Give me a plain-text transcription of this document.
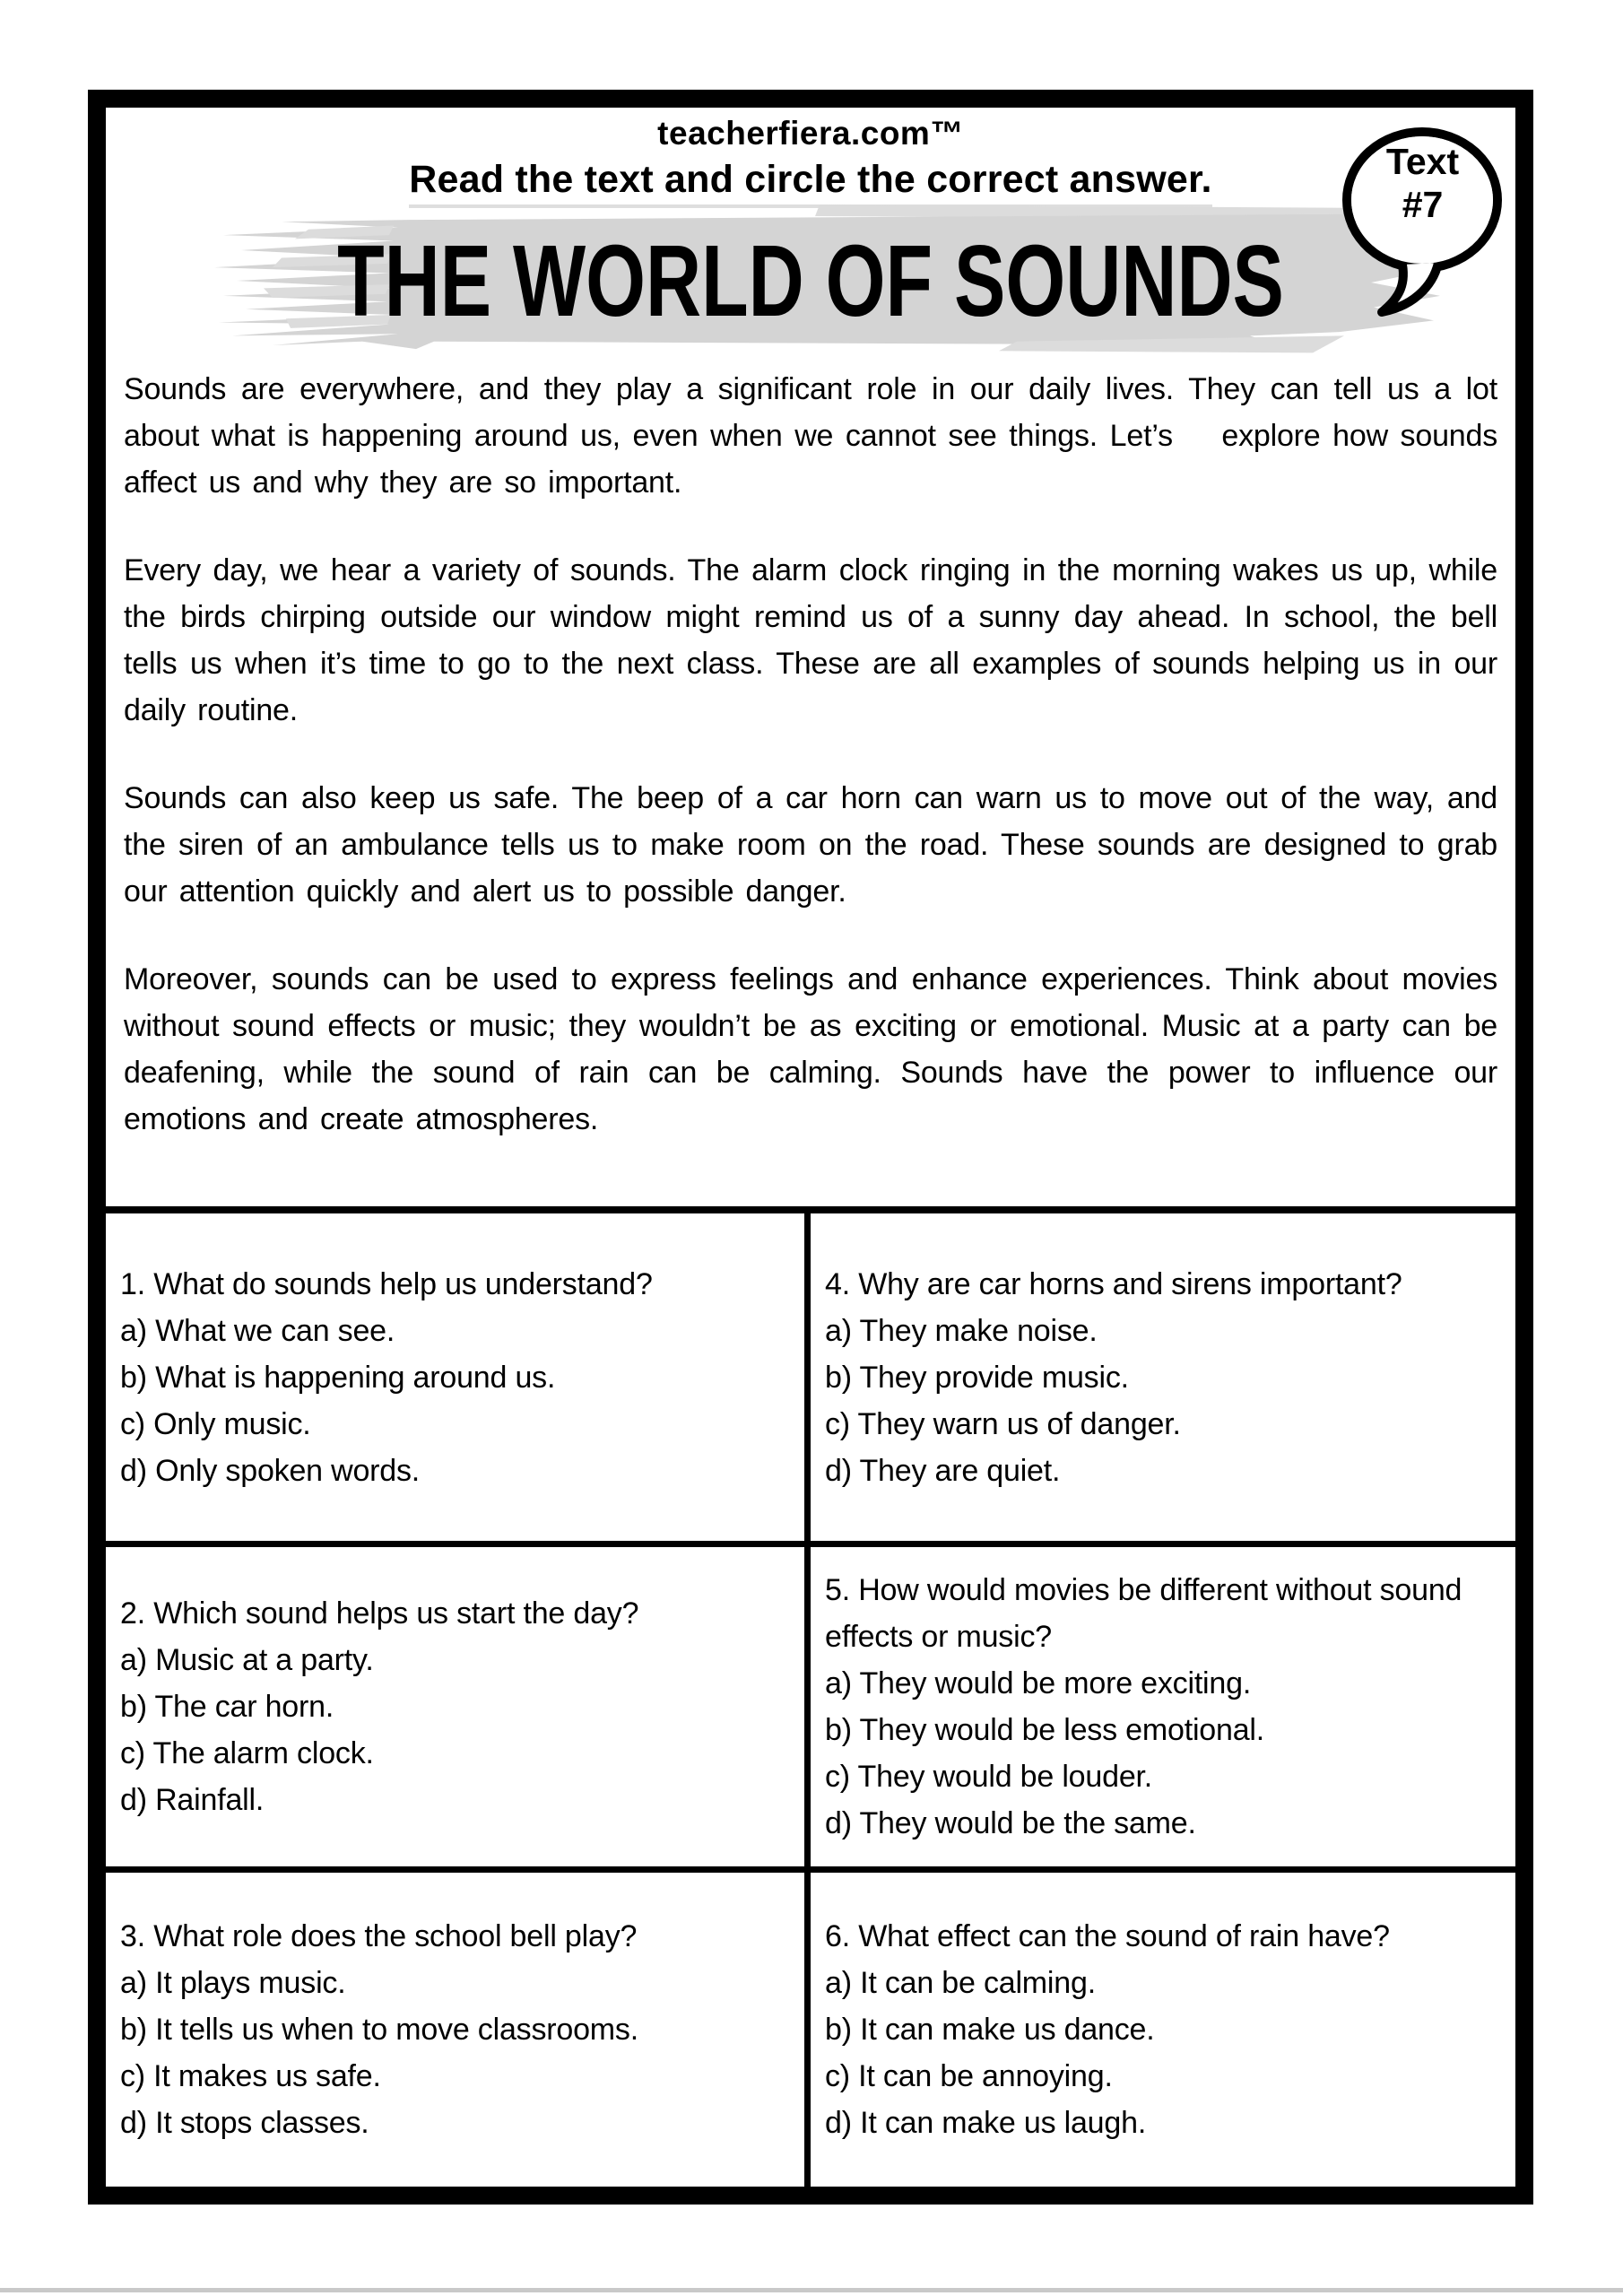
teacherfiera.com™
Read the text and circle the correct answer.
THE WORLD OF SOUNDS
Text
#7

Sounds are everywhere, and they play a significant role in our daily lives. They can tell us a lot about what is happening around us, even when we cannot see things. Let’s    explore how sounds affect us and why they are so important.

Every day, we hear a variety of sounds. The alarm clock ringing in the morning wakes us up, while the birds chirping outside our window might remind us of a sunny day ahead. In school, the bell tells us when it’s time to go to the next class. These are all examples of sounds helping us in our daily routine.

Sounds can also keep us safe. The beep of a car horn can warn us to move out of the way, and the siren of an ambulance tells us to make room on the road. These sounds are designed to grab our attention quickly and alert us to possible danger.

Moreover, sounds can be used to express feelings and enhance experiences. Think about movies without sound effects or music; they wouldn’t be as exciting or emotional. Music at a party can be deafening, while the sound of rain can be calming. Sounds have the power to influence our emotions and create atmospheres.

1. What do sounds help us understand?
a) What we can see.
b) What is happening around us.
c) Only music.
d) Only spoken words.
4. Why are car horns and sirens important?
a) They make noise.
b) They provide music.
c) They warn us of danger.
d) They are quiet.
2. Which sound helps us start the day?
a) Music at a party.
b) The car horn.
c) The alarm clock.
d) Rainfall.
5. How would movies be different without sound effects or music?
a) They would be more exciting.
b) They would be less emotional.
c) They would be louder.
d) They would be the same.
3. What role does the school bell play?
a) It plays music.
b) It tells us when to move classrooms.
c) It makes us safe.
d) It stops classes.
6. What effect can the sound of rain have?
a) It can be calming.
b) It can make us dance.
c) It can be annoying.
d) It can make us laugh.
